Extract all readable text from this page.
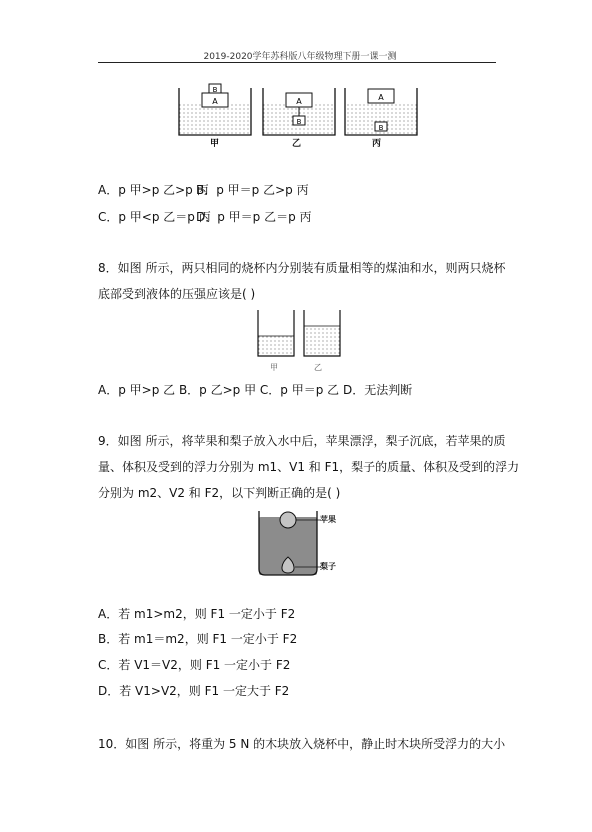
2019-2020学年苏科版八年级物理下册一课一测
A
B
A
B
A
B
甲	乙	丙
A．p 甲>p 乙>p 丙
B．p 甲＝p 乙>p 丙
C．p 甲<p 乙＝p 丙
D．p 甲＝p 乙＝p 丙
8．如图 所示，两只相同的烧杯内分别装有质量相等的煤油和水，则两只烧杯
底部受到液体的压强应该是( )
甲	乙
A．p 甲>p 乙 B．p 乙>p 甲 C．p 甲＝p 乙 D．无法判断
9．如图 所示，将苹果和梨子放入水中后，苹果漂浮，梨子沉底，若苹果的质
量、体积及受到的浮力分别为 m1、V1 和 F1，梨子的质量、体积及受到的浮力
分别为 m2、V2 和 F2，以下判断正确的是( )
苹果
梨子
A．若 m1>m2，则 F1 一定小于 F2
B．若 m1＝m2，则 F1 一定小于 F2
C．若 V1＝V2，则 F1 一定小于 F2
D．若 V1>V2，则 F1 一定大于 F2
10．如图 所示，将重为 5 N 的木块放入烧杯中，静止时木块所受浮力的大小
